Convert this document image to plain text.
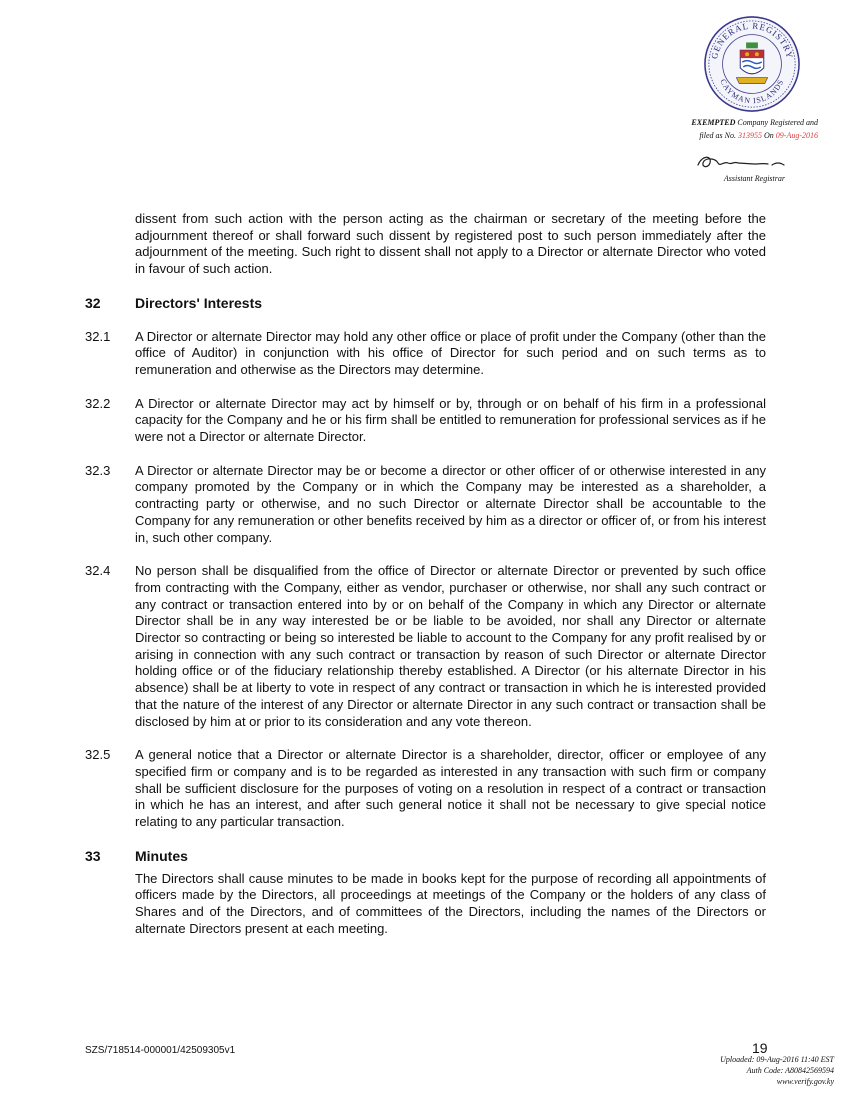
GENERAL REGISTRY
CAYMAN ISLANDS
EXEMPTED Company Registered and
filed as No. 313955 On 09-Aug-2016
Assistant Registrar

dissent from such action with the person acting as the chairman or secretary of the meeting before the adjournment thereof or shall forward such dissent by registered post to such person immediately after the adjournment of the meeting. Such right to dissent shall not apply to a Director or alternate Director who voted in favour of such action.

32	Directors' Interests
32.1	A Director or alternate Director may hold any other office or place of profit under the Company (other than the office of Auditor) in conjunction with his office of Director for such period and on such terms as to remuneration and otherwise as the Directors may determine.
32.2	A Director or alternate Director may act by himself or by, through or on behalf of his firm in a professional capacity for the Company and he or his firm shall be entitled to remuneration for professional services as if he were not a Director or alternate Director.
32.3	A Director or alternate Director may be or become a director or other officer of or otherwise interested in any company promoted by the Company or in which the Company may be interested as a shareholder, a contracting party or otherwise, and no such Director or alternate Director shall be accountable to the Company for any remuneration or other benefits received by him as a director or officer of, or from his interest in, such other company.
32.4	No person shall be disqualified from the office of Director or alternate Director or prevented by such office from contracting with the Company, either as vendor, purchaser or otherwise, nor shall any such contract or any contract or transaction entered into by or on behalf of the Company in which any Director or alternate Director shall be in any way interested be or be liable to be avoided, nor shall any Director or alternate Director so contracting or being so interested be liable to account to the Company for any profit realised by or arising in connection with any such contract or transaction by reason of such Director or alternate Director holding office or of the fiduciary relationship thereby established. A Director (or his alternate Director in his absence) shall be at liberty to vote in respect of any contract or transaction in which he is interested provided that the nature of the interest of any Director or alternate Director in any such contract or transaction shall be disclosed by him at or prior to its consideration and any vote thereon.
32.5	A general notice that a Director or alternate Director is a shareholder, director, officer or employee of any specified firm or company and is to be regarded as interested in any transaction with such firm or company shall be sufficient disclosure for the purposes of voting on a resolution in respect of a contract or transaction in which he has an interest, and after such general notice it shall not be necessary to give special notice relating to any particular transaction.
33	Minutes

The Directors shall cause minutes to be made in books kept for the purpose of recording all appointments of officers made by the Directors, all proceedings at meetings of the Company or the holders of any class of Shares and of the Directors, and of committees of the Directors, including the names of the Directors or alternate Directors present at each meeting.

SZS/718514-000001/42509305v1	19
Uploaded: 09-Aug-2016 11:40 EST
Auth Code: A80842569594
www.verify.gov.ky
